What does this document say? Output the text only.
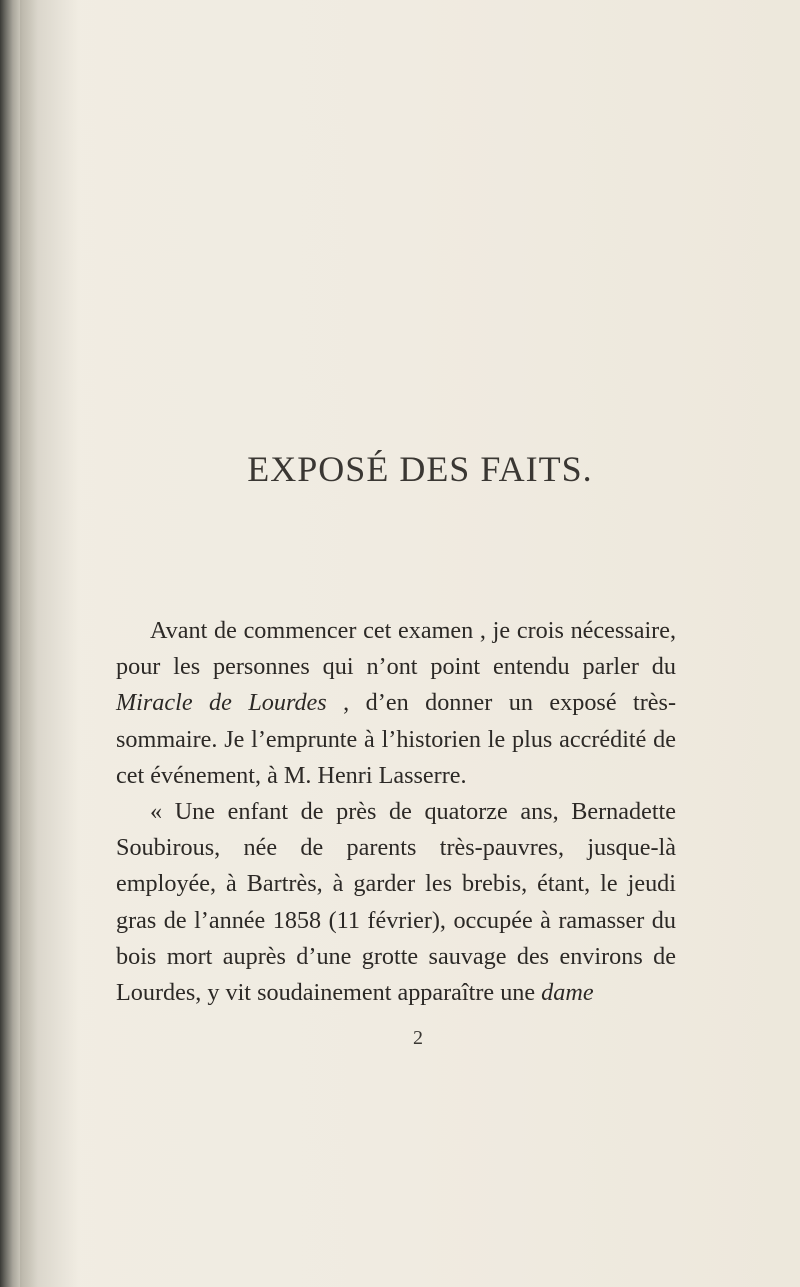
EXPOSÉ DES FAITS.

Avant de commencer cet examen , je crois nécessaire, pour les personnes qui n’ont point entendu parler du Miracle de Lourdes , d’en donner un exposé très-sommaire. Je l’emprunte à l’historien le plus accrédité de cet événement, à M. Henri Lasserre.

« Une enfant de près de quatorze ans, Bernadette Soubirous, née de parents très-pauvres, jusque-là employée, à Bartrès, à garder les brebis, étant, le jeudi gras de l’année 1858 (11 février), occupée à ramasser du bois mort auprès d’une grotte sauvage des environs de Lourdes, y vit soudainement apparaître une dame

2
